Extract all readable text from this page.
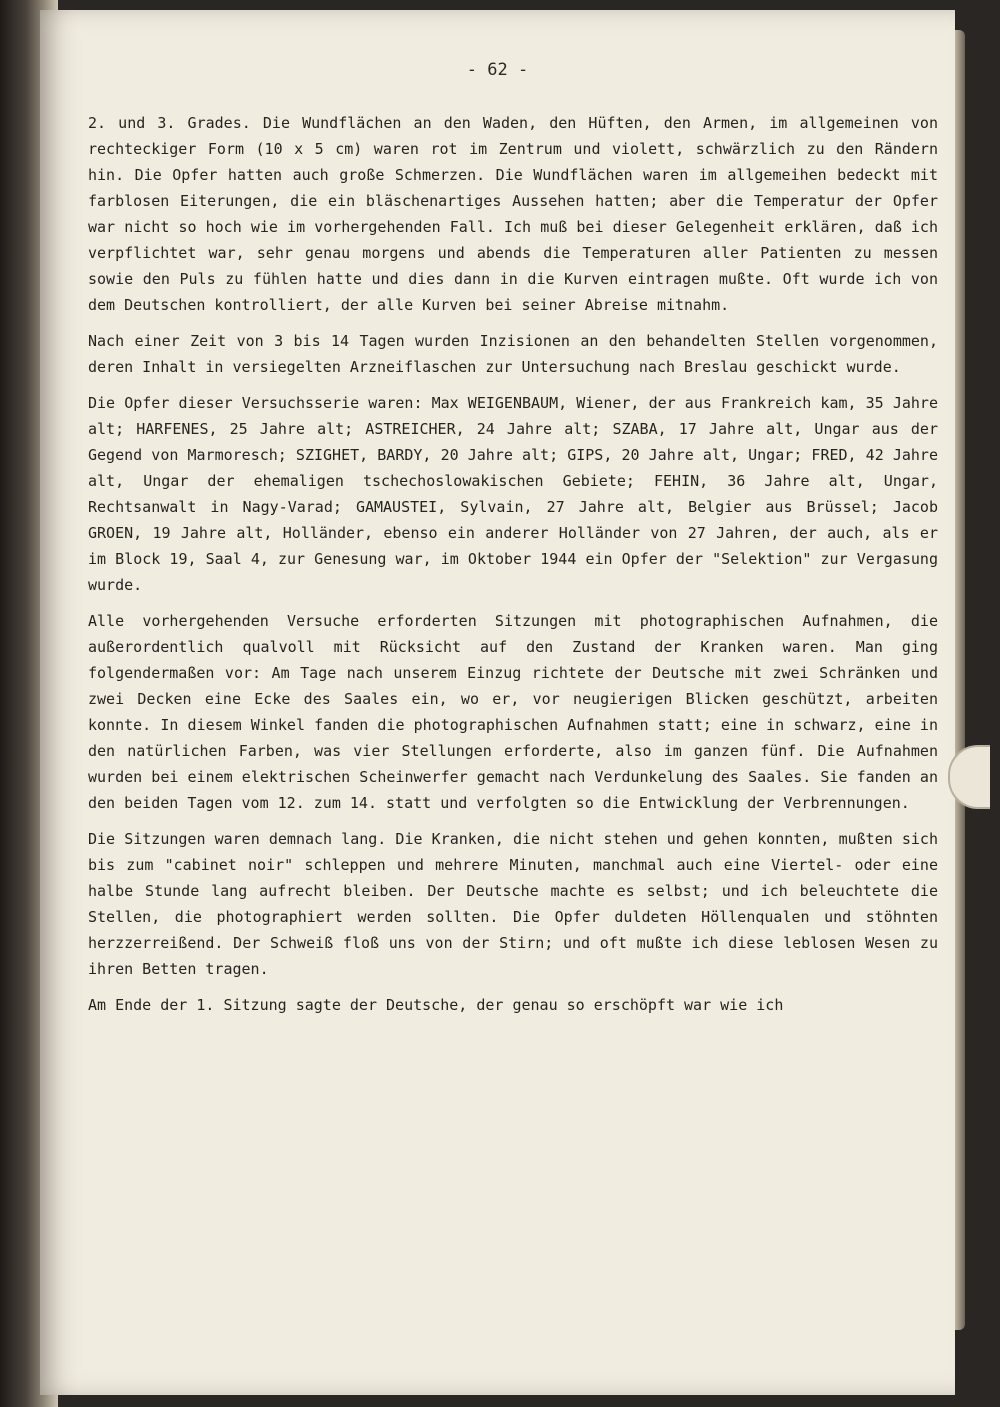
- 62 -

2. und 3. Grades. Die Wundflächen an den Waden, den Hüften, den Armen, im allgemeinen von rechteckiger Form (10 x 5 cm) waren rot im Zentrum und violett, schwärzlich zu den Rändern hin. Die Opfer hatten auch große Schmerzen. Die Wundflächen waren im allgemeihen bedeckt mit farblosen Eiterungen, die ein bläschenartiges Aussehen hatten; aber die Temperatur der Opfer war nicht so hoch wie im vorhergehenden Fall. Ich muß bei dieser Gelegenheit erklären, daß ich verpflichtet war, sehr genau morgens und abends die Temperaturen aller Patienten zu messen sowie den Puls zu fühlen hatte und dies dann in die Kurven eintragen mußte. Oft wurde ich von dem Deutschen kontrolliert, der alle Kurven bei seiner Abreise mitnahm.

Nach einer Zeit von 3 bis 14 Tagen wurden Inzisionen an den behandelten Stellen vorgenommen, deren Inhalt in versiegelten Arzneiflaschen zur Untersuchung nach Breslau geschickt wurde.

Die Opfer dieser Versuchsserie waren: Max WEIGENBAUM, Wiener, der aus Frankreich kam, 35 Jahre alt; HARFENES, 25 Jahre alt; ASTREICHER, 24 Jahre alt; SZABA, 17 Jahre alt, Ungar aus der Gegend von Marmoresch; SZIGHET, BARDY, 20 Jahre alt; GIPS, 20 Jahre alt, Ungar; FRED, 42 Jahre alt, Ungar der ehemaligen tschechoslowakischen Gebiete; FEHIN, 36 Jahre alt, Ungar, Rechtsanwalt in Nagy-Varad; GAMAUSTEI, Sylvain, 27 Jahre alt, Belgier aus Brüssel; Jacob GROEN, 19 Jahre alt, Holländer, ebenso ein anderer Holländer von 27 Jahren, der auch, als er im Block 19, Saal 4, zur Genesung war, im Oktober 1944 ein Opfer der "Selektion" zur Vergasung wurde.

Alle vorhergehenden Versuche erforderten Sitzungen mit photographischen Aufnahmen, die außerordentlich qualvoll mit Rücksicht auf den Zustand der Kranken waren. Man ging folgendermaßen vor: Am Tage nach unserem Einzug richtete der Deutsche mit zwei Schränken und zwei Decken eine Ecke des Saales ein, wo er, vor neugierigen Blicken geschützt, arbeiten konnte. In diesem Winkel fanden die photographischen Aufnahmen statt; eine in schwarz, eine in den natürlichen Farben, was vier Stellungen erforderte, also im ganzen fünf. Die Aufnahmen wurden bei einem elektrischen Scheinwerfer gemacht nach Verdunkelung des Saales. Sie fanden an den beiden Tagen vom 12. zum 14. statt und verfolgten so die Entwicklung der Verbrennungen.

Die Sitzungen waren demnach lang. Die Kranken, die nicht stehen und gehen konnten, mußten sich bis zum "cabinet noir" schleppen und mehrere Minuten, manchmal auch eine Viertel- oder eine halbe Stunde lang aufrecht bleiben. Der Deutsche machte es selbst; und ich beleuchtete die Stellen, die photographiert werden sollten. Die Opfer duldeten Höllenqualen und stöhnten herzzerreißend. Der Schweiß floß uns von der Stirn; und oft mußte ich diese leblosen Wesen zu ihren Betten tragen.

Am Ende der 1. Sitzung sagte der Deutsche, der genau so erschöpft war wie ich
